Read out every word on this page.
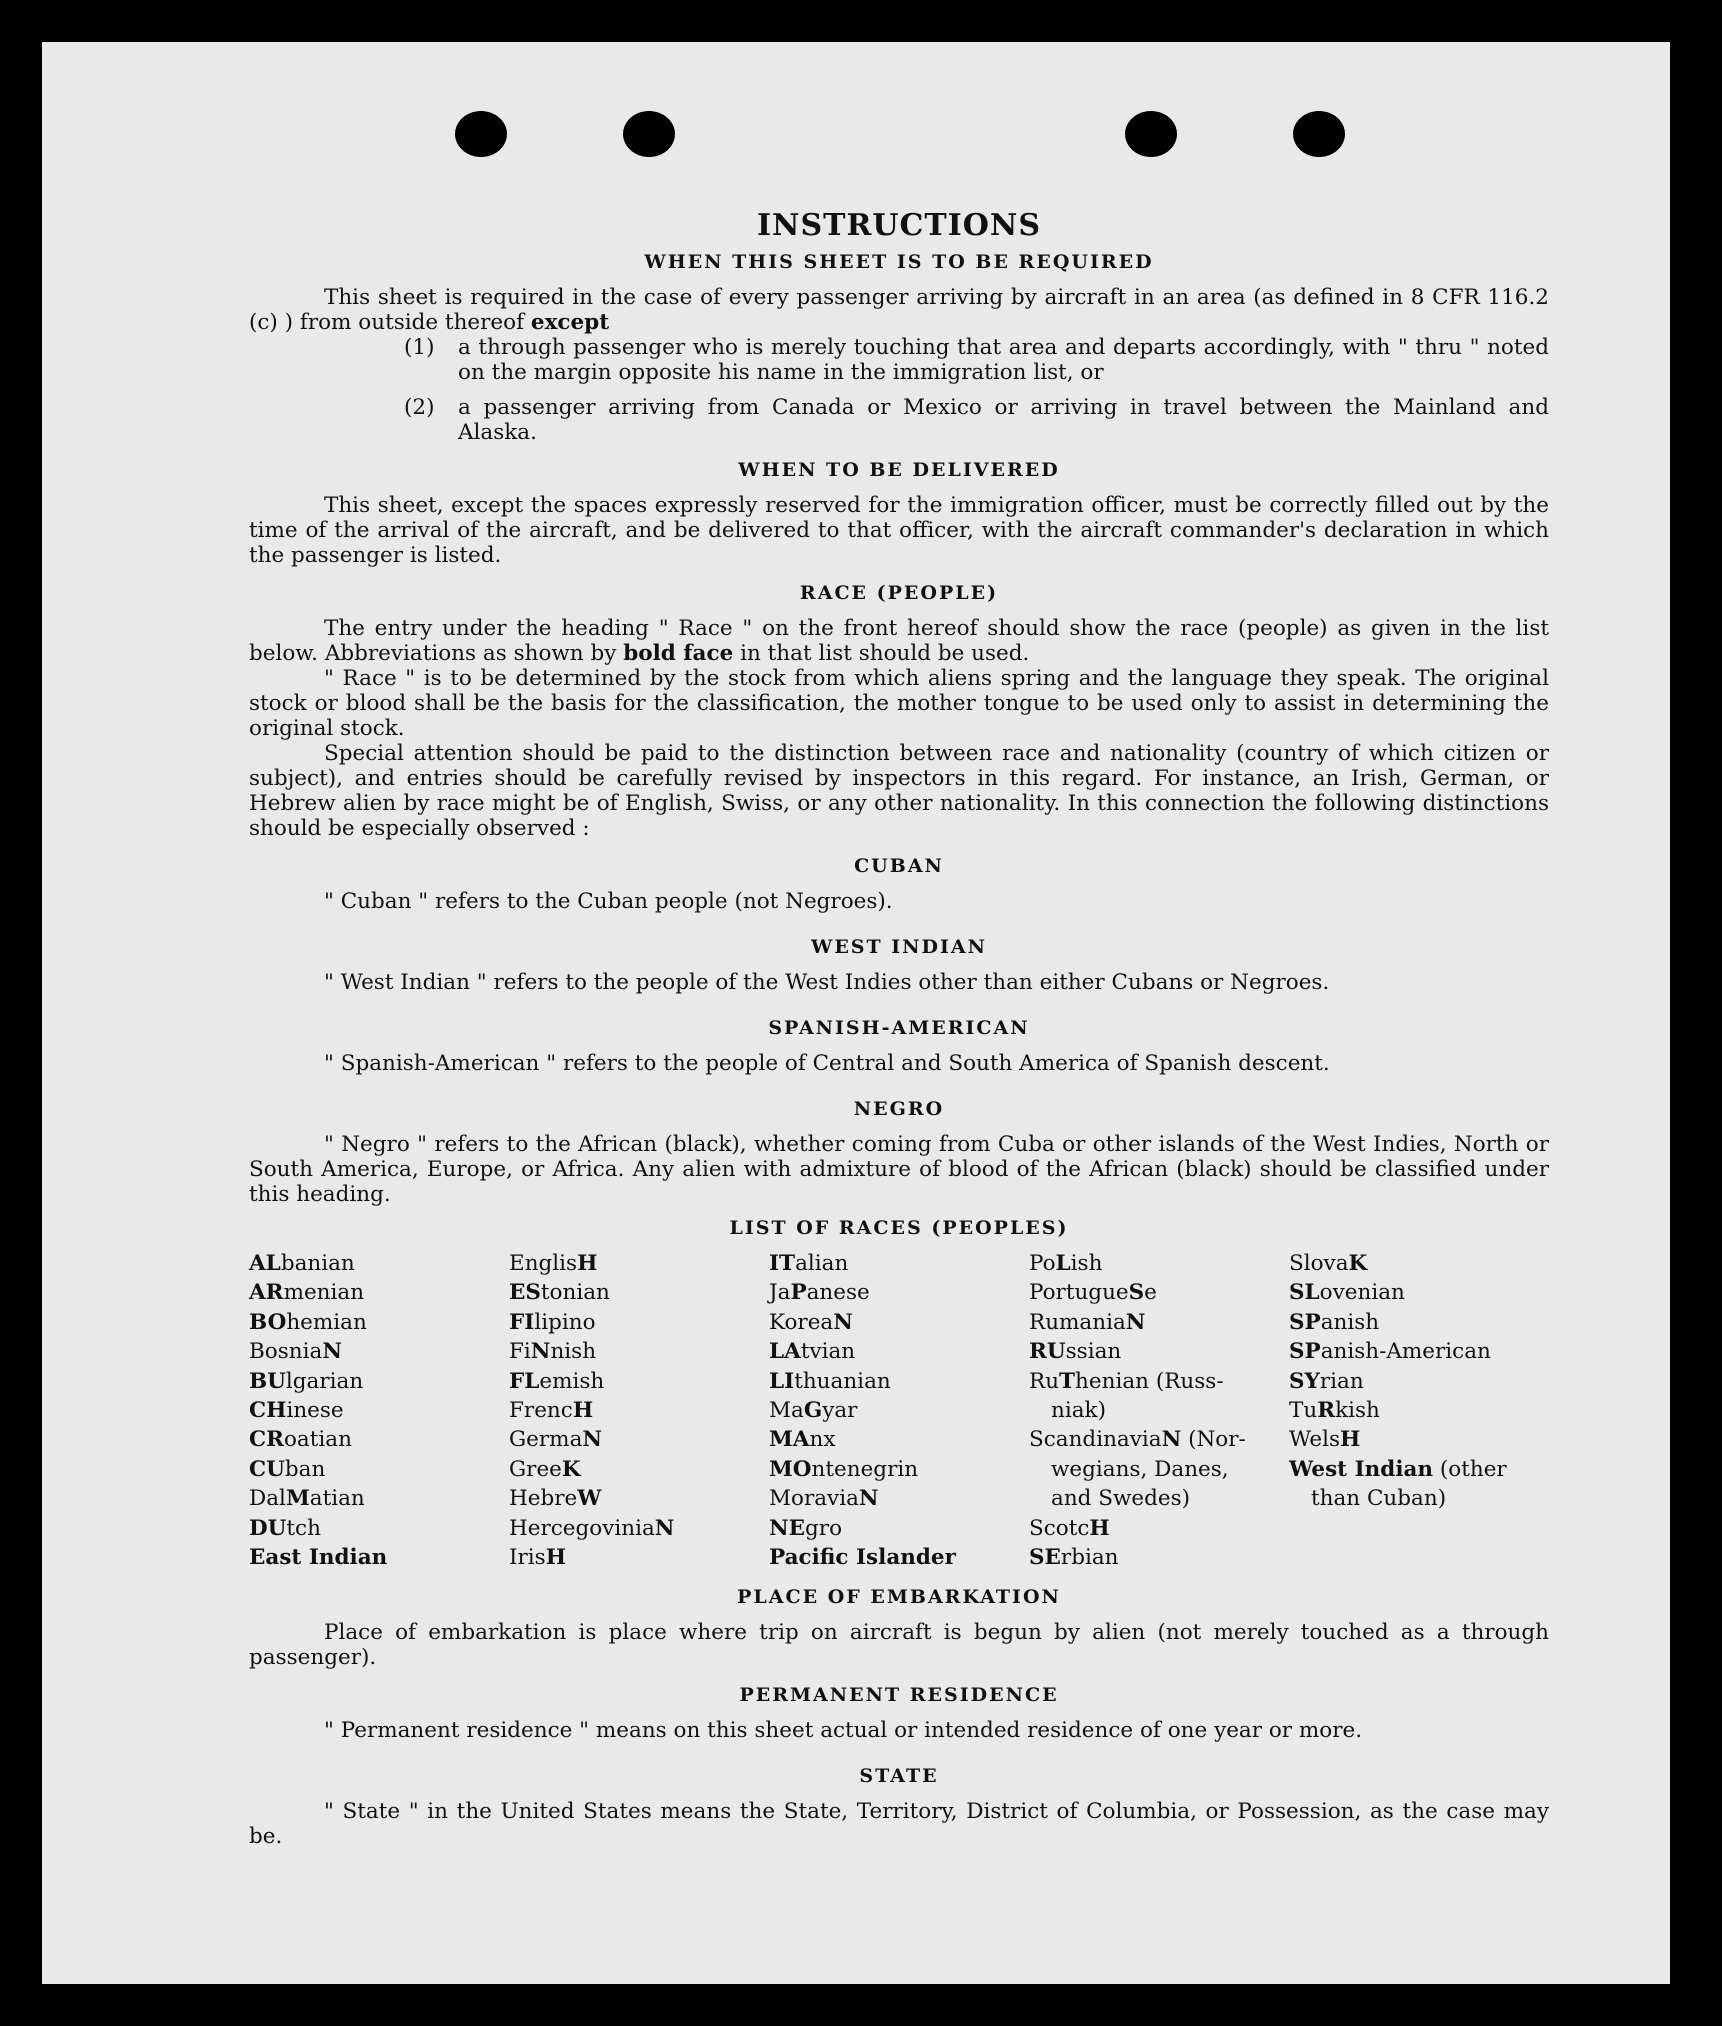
INSTRUCTIONS
WHEN THIS SHEET IS TO BE REQUIRED

This sheet is required in the case of every passenger arriving by aircraft in an area (as defined in 8 CFR 116.2 (c) ) from outside thereof except

(1)	a through passenger who is merely touching that area and departs accordingly, with " thru " noted on the margin opposite his name in the immigration list, or
(2)	a passenger arriving from Canada or Mexico or arriving in travel between the Mainland and Alaska.
WHEN TO BE DELIVERED

This sheet, except the spaces expressly reserved for the immigration officer, must be correctly filled out by the time of the arrival of the aircraft, and be delivered to that officer, with the aircraft commander's declaration in which the passenger is listed.

RACE (PEOPLE)

The entry under the heading " Race " on the front hereof should show the race (people) as given in the list below. Abbreviations as shown by bold face in that list should be used.

" Race " is to be determined by the stock from which aliens spring and the language they speak. The original stock or blood shall be the basis for the classification, the mother tongue to be used only to assist in determining the original stock.

Special attention should be paid to the distinction between race and nationality (country of which citizen or subject), and entries should be carefully revised by inspectors in this regard. For instance, an Irish, German, or Hebrew alien by race might be of English, Swiss, or any other nationality. In this connection the following distinctions should be especially observed :

CUBAN

" Cuban " refers to the Cuban people (not Negroes).

WEST INDIAN

" West Indian " refers to the people of the West Indies other than either Cubans or Negroes.

SPANISH-AMERICAN

" Spanish-American " refers to the people of Central and South America of Spanish descent.

NEGRO

" Negro " refers to the African (black), whether coming from Cuba or other islands of the West Indies, North or South America, Europe, or Africa. Any alien with admixture of blood of the African (black) should be classified under this heading.

LIST OF RACES (PEOPLES)
ALbanian
ARmenian
BOhemian
BosniaN
BUlgarian
CHinese
CRoatian
CUban
DalMatian
DUtch
East Indian
EnglisH
EStonian
FIlipino
FiNnish
FLemish
FrencH
GermaN
GreeK
HebreW
HercegoviniaN
IrisH
ITalian
JaPanese
KoreaN
LAtvian
LIthuanian
MaGyar
MAnx
MOntenegrin
MoraviaN
NEgro
Pacific Islander
PoLish
PortugueSe
RumaniaN
RUssian
RuThenian (Russ-
niak)
ScandinaviaN (Nor-
wegians, Danes,
and Swedes)
ScotcH
SErbian
SlovaK
SLovenian
SPanish
SPanish-American
SYrian
TuRkish
WelsH
West Indian (other
than Cuban)
PLACE OF EMBARKATION

Place of embarkation is place where trip on aircraft is begun by alien (not merely touched as a through passenger).

PERMANENT RESIDENCE

" Permanent residence " means on this sheet actual or intended residence of one year or more.

STATE

" State " in the United States means the State, Territory, District of Columbia, or Possession, as the case may be.
